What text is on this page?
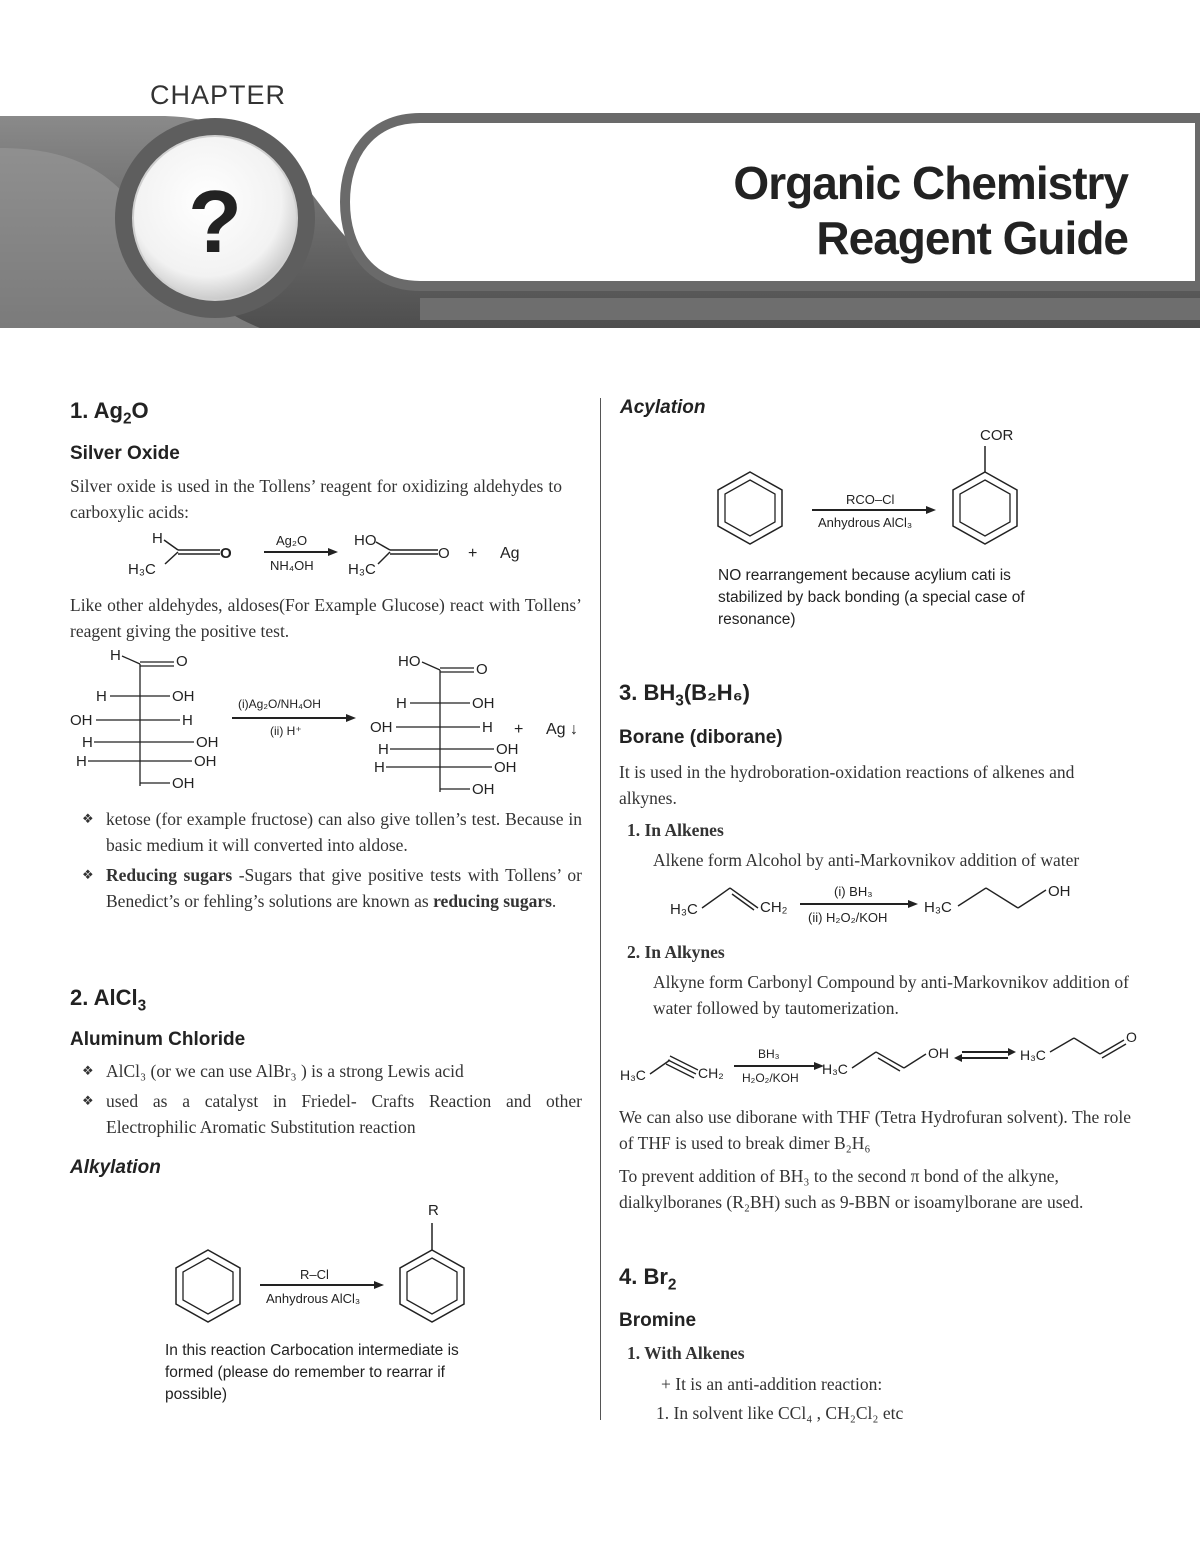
CHAPTER
?	Organic Chemistry
Reagent Guide
1. $Ag_2O$
Silver Oxide
Silver oxide is used in the Tollens’ reagent for oxidizing aldehydes to carboxylic acids:
H
O
H₃C
Ag₂O
NH₄OH
HO
O
H₃C
+ Ag
Like other aldehydes, aldoses(For Example Glucose) react with Tollens’ reagent giving the positive test.
H	O
H	OH
OH	H
H	OH
H	OH
OH
(i)Ag₂O/NH₄OH
(ii) H⁺
HO	O
H	OH
OH	H
H	OH
H	OH
OH
+ Ag ↓
❖ ketose (for example fructose) can also give tollen’s test. Because in basic medium it will converted into aldose.
❖ Reducing sugars -Sugars that give positive tests with Tollens’ or Benedict’s or fehling’s solutions are known as reducing sugars.
2. AlCl$_3$
Aluminum Chloride
❖ AlCl₃ (or we can use AlBr₃ ) is a strong Lewis acid
❖ used as a catalyst in Friedel- Crafts Reaction and other Electrophilic Aromatic Substitution reaction
Alkylation
R–Cl
Anhydrous AlCl₃
R
In this reaction Carbocation intermediate is formed (please do remember to rearrar if possible)
Acylation
RCO–Cl
Anhydrous AlCl₃
COR
NO rearrangement because acylium cati is stabilized by back bonding (a special case of resonance)
3. $BH_3(B_2H_6)$
Borane (diborane)
It is used in the hydroboration-oxidation reactions of alkenes and alkynes.
1. In Alkenes
Alkene form Alcohol by anti-Markovnikov addition of water
H₃C	CH₂
(i) BH₃
(ii) H₂O₂/KOH
H₃C
OH
2. In Alkynes
Alkyne form Carbonyl Compound by anti-Markovnikov addition of water followed by tautomerization.
H₃C	CH₂
BH₃
H₂O₂/KOH
H₃C
OH	H₃C
O
We can also use diborane with THF (Tetra Hydrofuran solvent). The role of THF is used to break dimer B₂H₆
To prevent addition of BH₃ to the second π bond of the alkyne, dialkylboranes (R₂BH) such as 9-BBN or isoamylborane are used.
4. $Br_2$
Bromine
1. With Alkenes
+ It is an anti-addition reaction:
1. In solvent like CCl₄ , CH₂Cl₂ etc
